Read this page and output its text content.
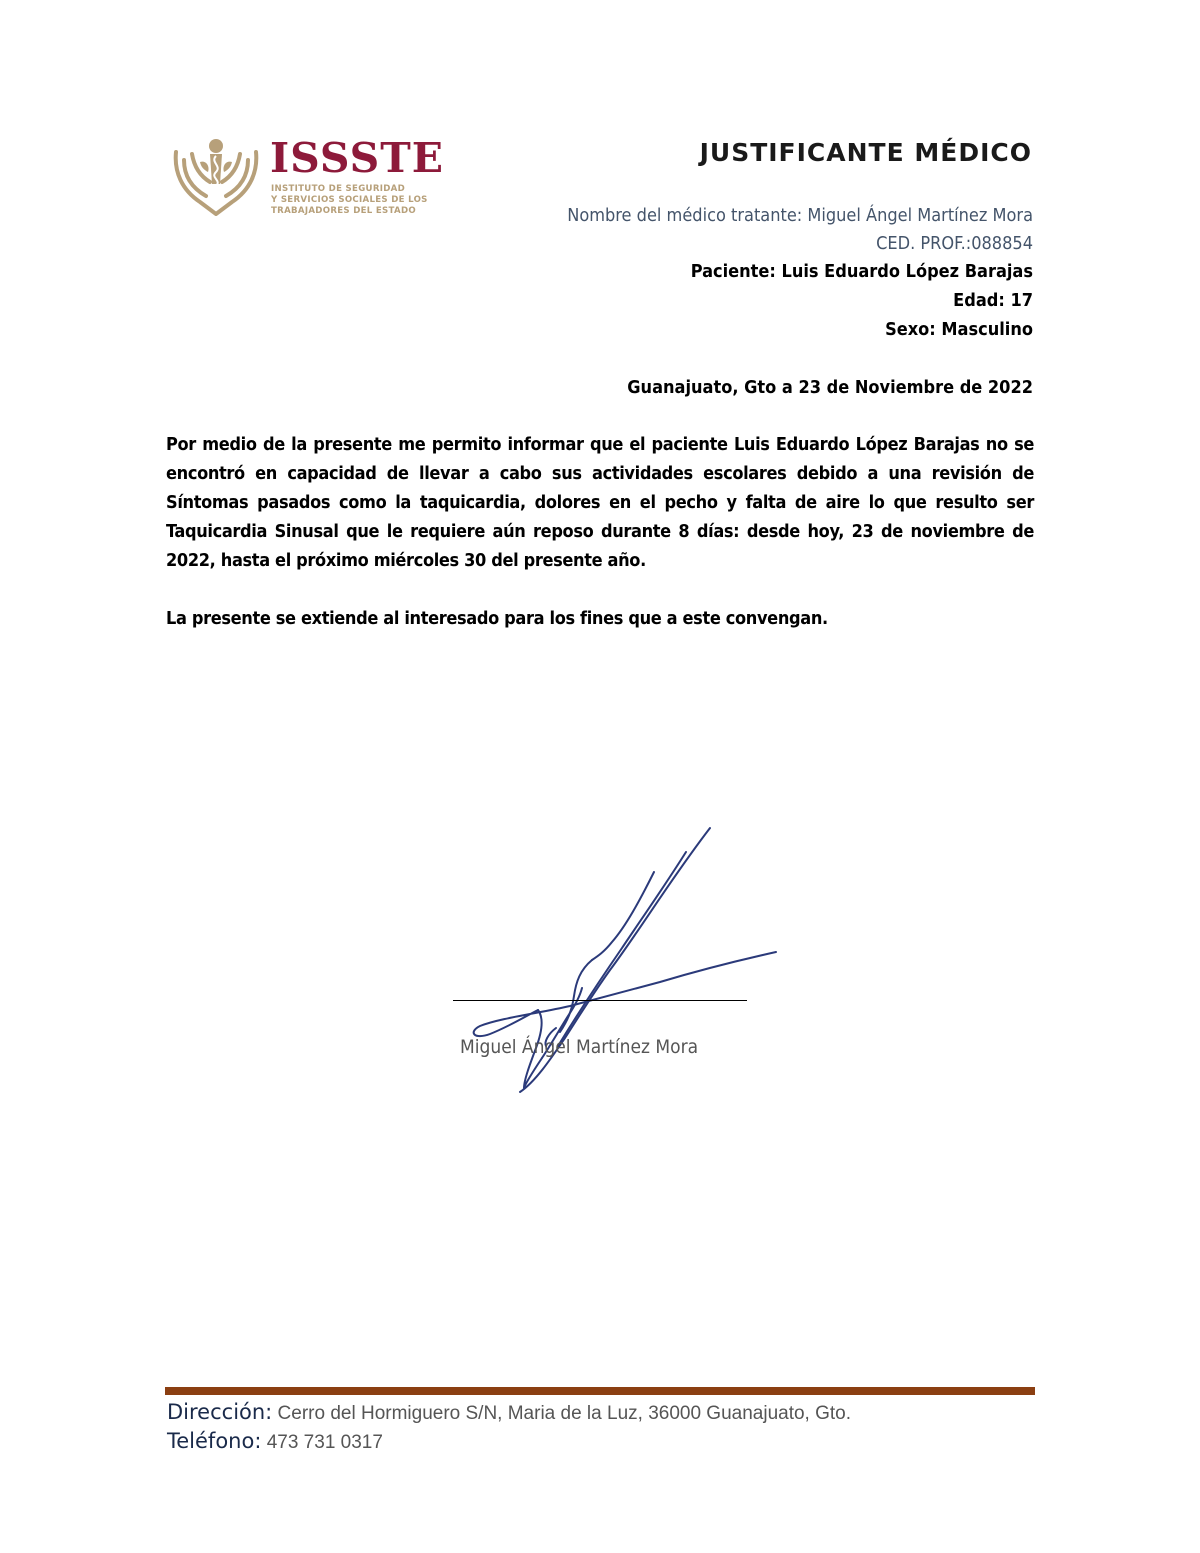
ISSSTE

INSTITUTO DE SEGURIDAD
Y SERVICIOS SOCIALES DE LOS
TRABAJADORES DEL ESTADO
JUSTIFICANTE MÉDICO
Nombre del médico tratante: Miguel Ángel Martínez Mora
CED. PROF.:088854
Paciente: Luis Eduardo López Barajas
Edad: 17
Sexo: Masculino
Guanajuato, Gto a 23 de Noviembre de 2022

Por medio de la presente me permito informar que el paciente Luis Eduardo López Barajas no se encontró en capacidad de llevar a cabo sus actividades escolares debido a una revisión de Síntomas pasados como la taquicardia, dolores en el pecho y falta de aire lo que resulto ser Taquicardia Sinusal que le requiere aún reposo durante 8 días: desde hoy, 23 de noviembre de 2022, hasta el próximo miércoles 30 del presente año.

La presente se extiende al interesado para los fines que a este convengan.

Miguel Ángel Martínez Mora

Dirección: Cerro del Hormiguero S/N, Maria de la Luz, 36000 Guanajuato, Gto.

Teléfono: 473 731 0317
